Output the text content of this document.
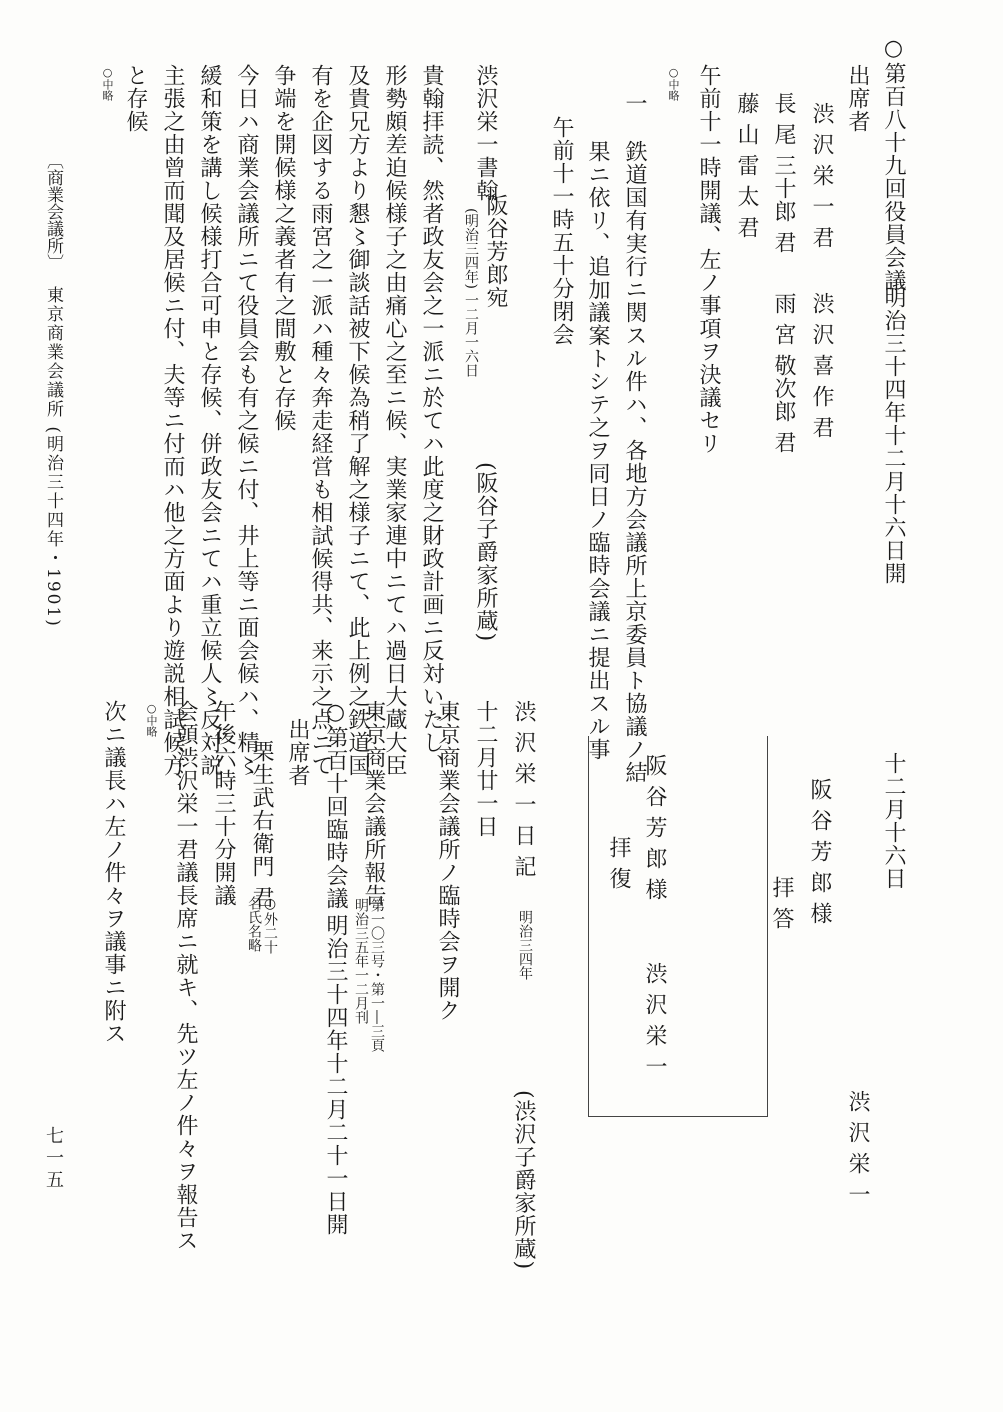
○第百八十九回役員会議
明治三十四年十二月十六日開
出席者
渋 沢 栄 一 君
渋 沢 喜 作 君
長 尾 三十郎 君
雨 宮 敬次郎 君
藤 山 雷 太 君
午前十一時開議、左ノ事項ヲ決議セリ
○中略
一
鉄道国有実行ニ関スル件ハ、各地方会議所上京委員ト協議ノ結
果ニ依リ、追加議案トシテ之ヲ同日ノ臨時会議ニ提出スル事
午前十一時五十分閉会
渋沢栄一書翰
阪谷芳郎宛
(明治三四年) 一二月一六日
(阪谷子爵家所蔵)
貴翰拝読、然者政友会之一派ニ於てハ此度之財政計画ニ反対いたし、
形勢頗差迫候様子之由痛心之至ニ候、実業家連中ニてハ過日大蔵大臣
及貴兄方より懇〻御談話被下候為稍了解之様子ニて、此上例之鉄道国
有を企図する雨宮之一派ハ種々奔走経営も相試候得共、来示之点ニて
争端を開候様之義者有之間敷と存候
今日ハ商業会議所ニて役員会も有之候ニ付、井上等ニ面会候ハ、精〻
緩和策を講し候様打合可申と存候、併政友会ニてハ重立候人〻反対説
主張之由曾而聞及居候ニ付、夫等ニ付而ハ他之方面より遊説相試候方
と存候
○中略
十二月十六日
阪 谷 芳 郎 様
拝 答
渋 沢 栄 一
阪 谷 芳 郎 様
拝 復
渋 沢 栄 一
渋 沢 栄 一 日 記
明治三四年
(渋沢子爵家所蔵)
十二月廿一日
東京商業会議所ノ臨時会ヲ開ク
東京商業会議所報告
第一〇三号・第一―三頁
明治三五年一二月刊
○第百十回臨時会議
明治三十四年十二月二十一日開
出席者
栗生武右衛門 君
○外二十
名氏名略
午後六時三十分開議
会頭渋沢栄一君議長席ニ就キ、先ツ左ノ件々ヲ報告ス
○中略
次ニ議長ハ左ノ件々ヲ議事ニ附ス
〔商業会議所〕
東京商業会議所 (明治三十四年・1901)
七一五
